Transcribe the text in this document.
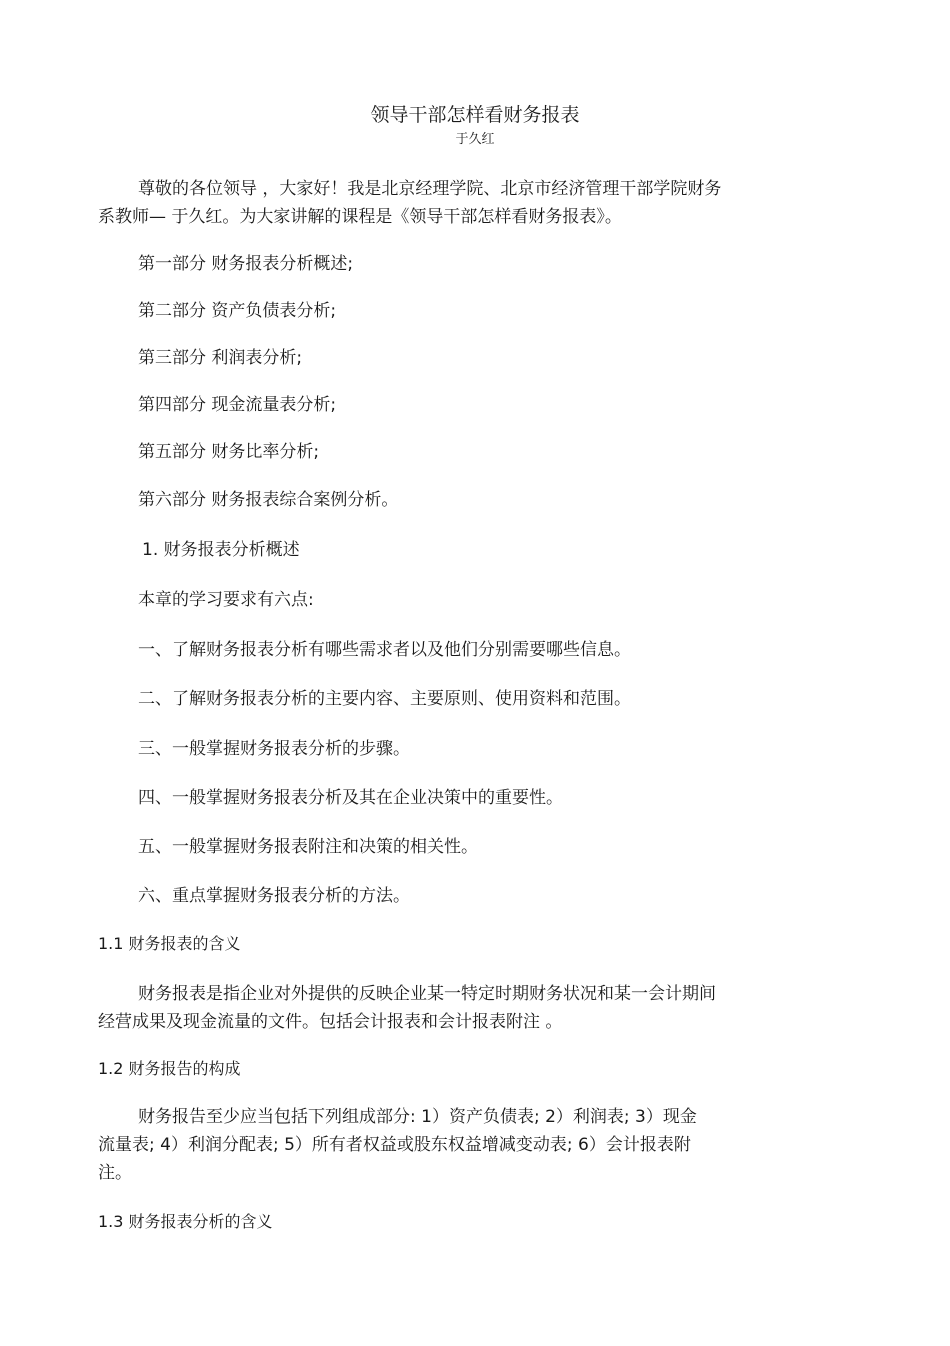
领导干部怎样看财务报表
于久红
尊敬的各位领导 ，大家好！我是北京经理学院、北京市经济管理干部学院财务
系教师— 于久红。为大家讲解的课程是《领导干部怎样看财务报表》。
第一部分 财务报表分析概述;
第二部分 资产负债表分析;
第三部分 利润表分析;
第四部分 现金流量表分析;
第五部分 财务比率分析;
第六部分 财务报表综合案例分析。
1. 财务报表分析概述
本章的学习要求有六点:
一、了解财务报表分析有哪些需求者以及他们分别需要哪些信息。
二、了解财务报表分析的主要内容、主要原则、使用资料和范围。
三、一般掌握财务报表分析的步骤。
四、一般掌握财务报表分析及其在企业决策中的重要性。
五、一般掌握财务报表附注和决策的相关性。
六、重点掌握财务报表分析的方法。
1.1 财务报表的含义
财务报表是指企业对外提供的反映企业某一特定时期财务状况和某一会计期间
经营成果及现金流量的文件。包括会计报表和会计报表附注 。
1.2 财务报告的构成
财务报告至少应当包括下列组成部分: 1）资产负债表; 2）利润表; 3）现金
流量表; 4）利润分配表; 5）所有者权益或股东权益增减变动表; 6）会计报表附
注。
1.3 财务报表分析的含义
